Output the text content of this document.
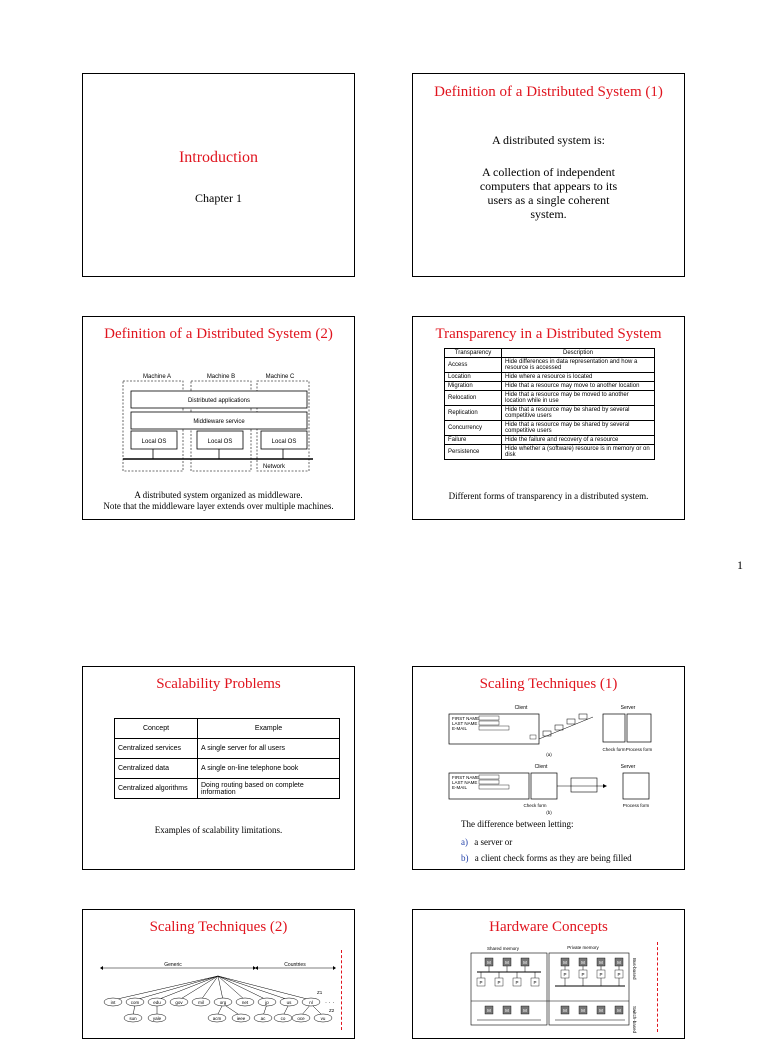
Introduction
Chapter 1
Definition of a Distributed System (1)
A distributed system is:
A collection of independent
computers that appears to its
users as a single coherent
system.
Definition of a Distributed System (2)
Machine A	Machine B	Machine C
Distributed applications
Middleware service
Local OS	Local OS	Local OS
Network
A distributed system organized as middleware.
Note that the middleware layer extends over multiple machines.
Transparency in a Distributed System
Transparency	Description
Access	Hide differences in data representation and how a resource is accessed
Location	Hide where a resource is located
Migration	Hide that a resource may move to another location
Relocation	Hide that a resource may be moved to another location while in use
Replication	Hide that a resource may be shared by several competitive users
Concurrency	Hide that a resource may be shared by several competitive users
Failure	Hide the failure and recovery of a resource
Persistence	Hide whether a (software) resource is in memory or on disk
Different forms of transparency in a distributed system.
1
Scalability Problems
Concept	Example
Centralized services	A single server for all users
Centralized data	A single on-line telephone book
Centralized algorithms	Doing routing based on complete information
Examples of scalability limitations.
Scaling Techniques (1)
Client	Server
FIRST NAME
LAST NAME
E-MAIL
Check form Process form
(a)
Client	Server
FIRST NAME
LAST NAME
E-MAIL
Check form	Process form
(b)
The difference between letting:
a) a server or
b) a client check forms as they are being filled
Scaling Techniques (2)
Generic	Countries
int	com	edu	gov	mil	org	net	jp	us	nl
Z1
· · ·
sun	yale	acm	ieee	ac	co	oce	vu
Z2
Hardware Concepts
Shared memory	Private memory
M	M	M
P	P	P	P
M	M	M	M
P	P	P	P
M	M	M	M	M	M	M
Bus-based
Switch-based
